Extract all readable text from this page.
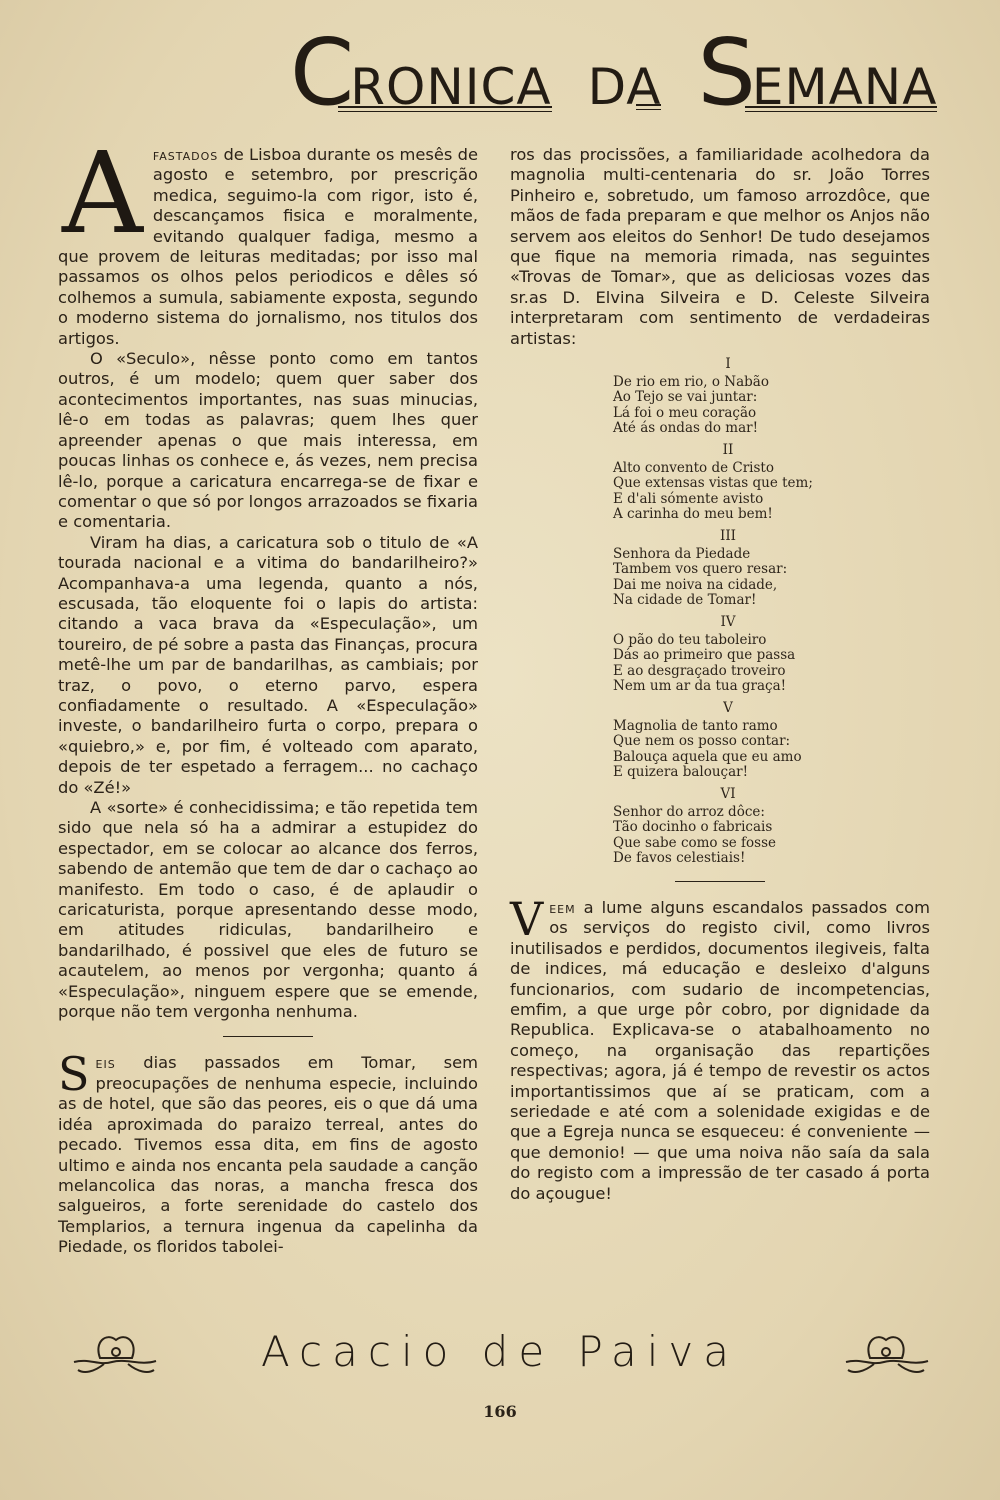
CRONICA DA SEMANA

Afastados de Lisboa durante os mesês de agosto e setembro, por prescrição medica, seguimo-la com rigor, isto é, descançamos fisica e moralmente, evitando qualquer fadiga, mesmo a que provem de leituras meditadas; por isso mal passamos os olhos pelos periodicos e dêles só colhemos a sumula, sabiamente exposta, segundo o moderno sistema do jornalismo, nos titulos dos artigos.

O «Seculo», nêsse ponto como em tantos outros, é um modelo; quem quer saber dos acontecimentos importantes, nas suas minucias, lê-o em todas as palavras; quem lhes quer apreender apenas o que mais interessa, em poucas linhas os conhece e, ás vezes, nem precisa lê-lo, porque a caricatura encarrega-se de fixar e comentar o que só por longos arrazoados se fixaria e comentaria.

Viram ha dias, a caricatura sob o titulo de «A tourada nacional e a vitima do bandarilheiro?» Acompanhava-a uma legenda, quanto a nós, escusada, tão eloquente foi o lapis do artista: citando a vaca brava da «Especulação», um toureiro, de pé sobre a pasta das Finanças, procura metê-lhe um par de bandarilhas, as cambiais; por traz, o povo, o eterno parvo, espera confiadamente o resultado. A «Especulação» investe, o bandarilheiro furta o corpo, prepara o «quiebro,» e, por fim, é volteado com aparato, depois de ter espetado a ferragem... no cachaço do «Zé!»

A «sorte» é conhecidissima; e tão repetida tem sido que nela só ha a admirar a estupidez do espectador, em se colocar ao alcance dos ferros, sabendo de antemão que tem de dar o cachaço ao manifesto. Em todo o caso, é de aplaudir o caricaturista, porque apresentando desse modo, em atitudes ridiculas, bandarilheiro e bandarilhado, é possivel que eles de futuro se acautelem, ao menos por vergonha; quanto á «Especulação», ninguem espere que se emende, porque não tem vergonha nenhuma.

Seis dias passados em Tomar, sem preocupações de nenhuma especie, incluindo as de hotel, que são das peores, eis o que dá uma idéa aproximada do paraizo terreal, antes do pecado. Tivemos essa dita, em fins de agosto ultimo e ainda nos encanta pela saudade a canção melancolica das noras, a mancha fresca dos salgueiros, a forte serenidade do castelo dos Templarios, a ternura ingenua da capelinha da Piedade, os floridos tabolei-

ros das procissões, a familiaridade acolhedora da magnolia multi-centenaria do sr. João Torres Pinheiro e, sobretudo, um famoso arrozdôce, que mãos de fada preparam e que melhor os Anjos não servem aos eleitos do Senhor! De tudo desejamos que fique na memoria rimada, nas seguintes «Trovas de Tomar», que as deliciosas vozes das sr.as D. Elvina Silveira e D. Celeste Silveira interpretaram com sentimento de verdadeiras artistas:

I
De rio em rio, o Nabão
Ao Tejo se vai juntar:
Lá foi o meu coração
Até ás ondas do mar!
II
Alto convento de Cristo
Que extensas vistas que tem;
E d'ali sómente avisto
A carinha do meu bem!
III
Senhora da Piedade
Tambem vos quero resar:
Dai me noiva na cidade,
Na cidade de Tomar!
IV
O pão do teu taboleiro
Dás ao primeiro que passa
E ao desgraçado troveiro
Nem um ar da tua graça!
V
Magnolia de tanto ramo
Que nem os posso contar:
Balouça aquela que eu amo
E quizera balouçar!
VI
Senhor do arroz dôce:
Tão docinho o fabricais
Que sabe como se fosse
De favos celestiais!

Veem a lume alguns escandalos passados com os serviços do registo civil, como livros inutilisados e perdidos, documentos ilegiveis, falta de indices, má educação e desleixo d'alguns funcionarios, com sudario de incompetencias, emfim, a que urge pôr cobro, por dignidade da Republica. Explicava-se o atabalhoamento no começo, na organisação das repartições respectivas; agora, já é tempo de revestir os actos importantissimos que aí se praticam, com a seriedade e até com a solenidade exigidas e de que a Egreja nunca se esqueceu: é conveniente — que demonio! — que uma noiva não saía da sala do registo com a impressão de ter casado á porta do açougue!

Acacio de Paiva
166
